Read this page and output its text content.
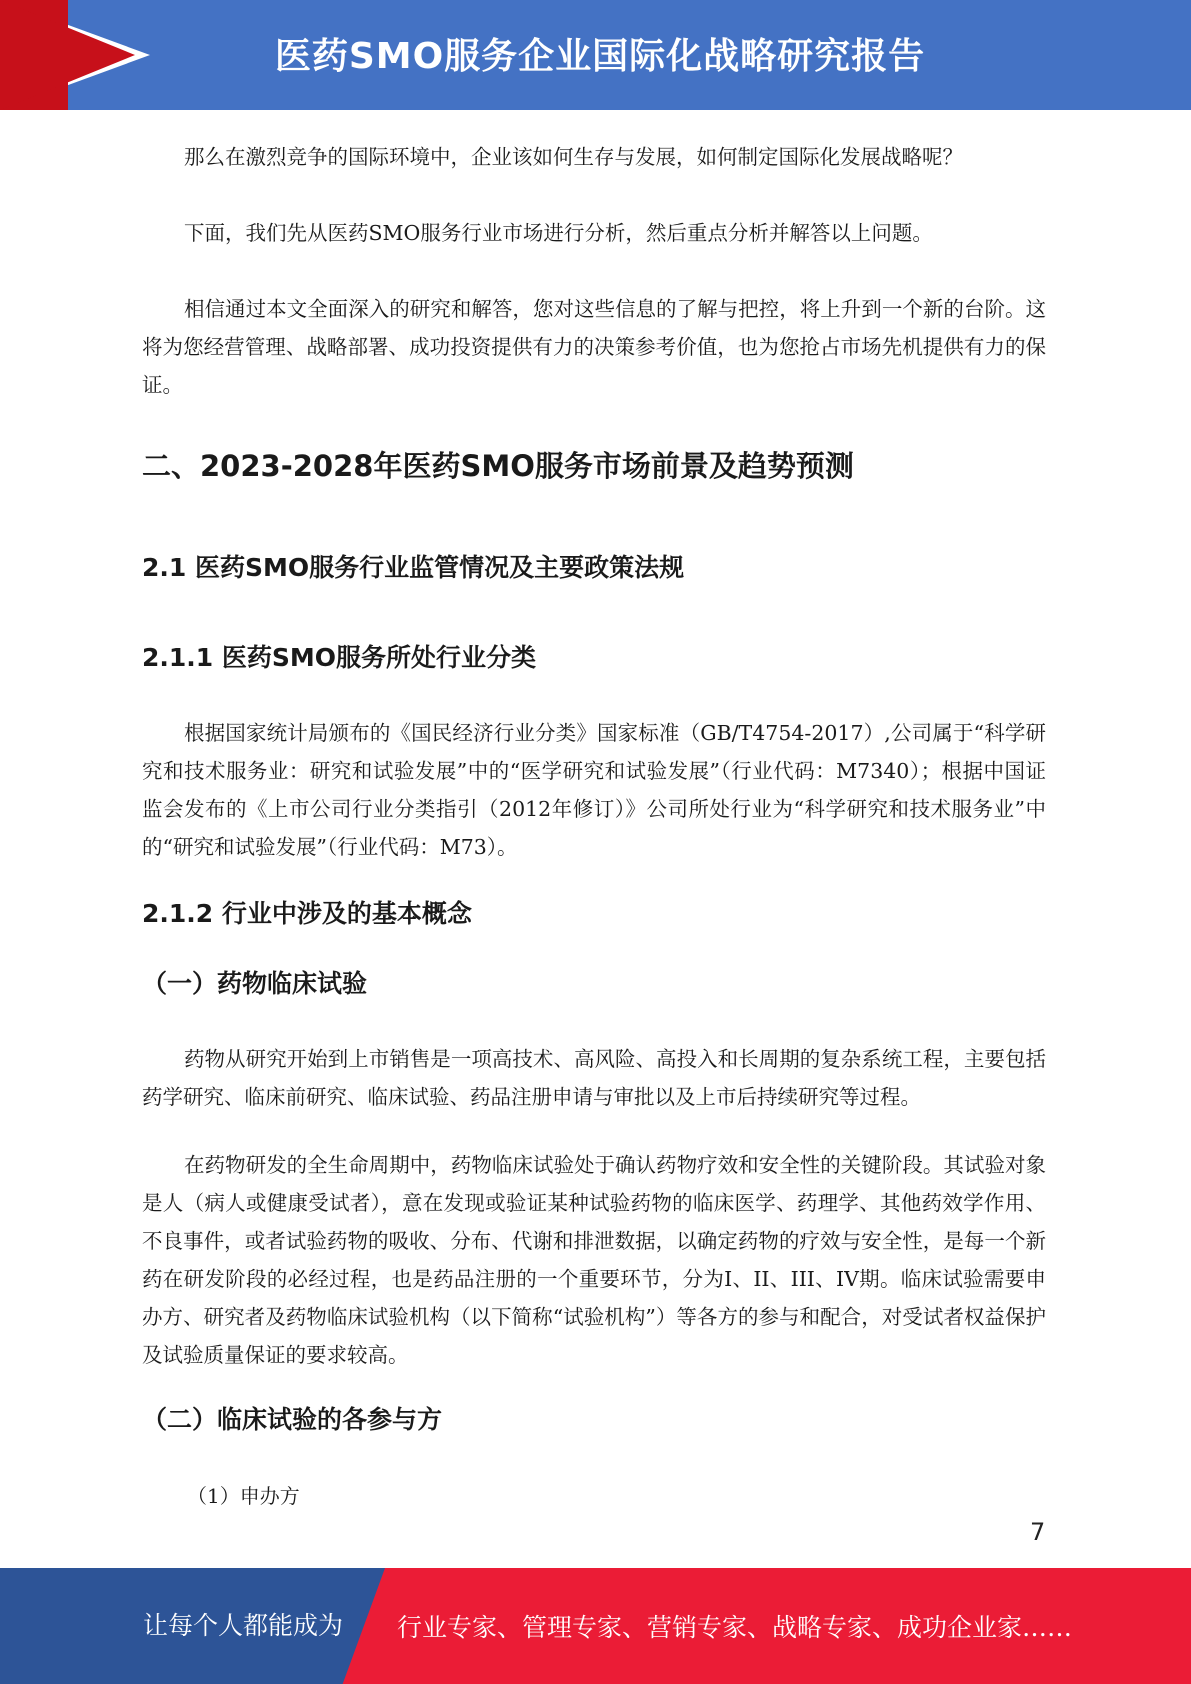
医药SMO服务企业国际化战略研究报告

那么在激烈竞争的国际环境中，企业该如何生存与发展，如何制定国际化发展战略呢？

下面，我们先从医药SMO服务行业市场进行分析，然后重点分析并解答以上问题。

相信通过本文全面深入的研究和解答，您对这些信息的了解与把控，将上升到一个新的台阶。这将为您经营管理、战略部署、成功投资提供有力的决策参考价值，也为您抢占市场先机提供有力的保证。

二、2023-2028年医药SMO服务市场前景及趋势预测
2.1 医药SMO服务行业监管情况及主要政策法规
2.1.1 医药SMO服务所处行业分类

根据国家统计局颁布的《国民经济行业分类》国家标准（GB/T4754-2017）,公司属于“科学研究和技术服务业：研究和试验发展”中的“医学研究和试验发展”（行业代码：M7340）；根据中国证监会发布的《上市公司行业分类指引（2012年修订）》公司所处行业为“科学研究和技术服务业”中的“研究和试验发展”（行业代码：M73）。

2.1.2 行业中涉及的基本概念
（一）药物临床试验

药物从研究开始到上市销售是一项高技术、高风险、高投入和长周期的复杂系统工程，主要包括药学研究、临床前研究、临床试验、药品注册申请与审批以及上市后持续研究等过程。

在药物研发的全生命周期中，药物临床试验处于确认药物疗效和安全性的关键阶段。其试验对象是人（病人或健康受试者），意在发现或验证某种试验药物的临床医学、药理学、其他药效学作用、不良事件，或者试验药物的吸收、分布、代谢和排泄数据，以确定药物的疗效与安全性，是每一个新药在研发阶段的必经过程，也是药品注册的一个重要环节，分为I、II、III、IV期。临床试验需要申办方、研究者及药物临床试验机构（以下简称“试验机构”）等各方的参与和配合，对受试者权益保护及试验质量保证的要求较高。

（二）临床试验的各参与方

（1）申办方

7
让每个人都能成为 行业专家、管理专家、营销专家、战略专家、成功企业家……
